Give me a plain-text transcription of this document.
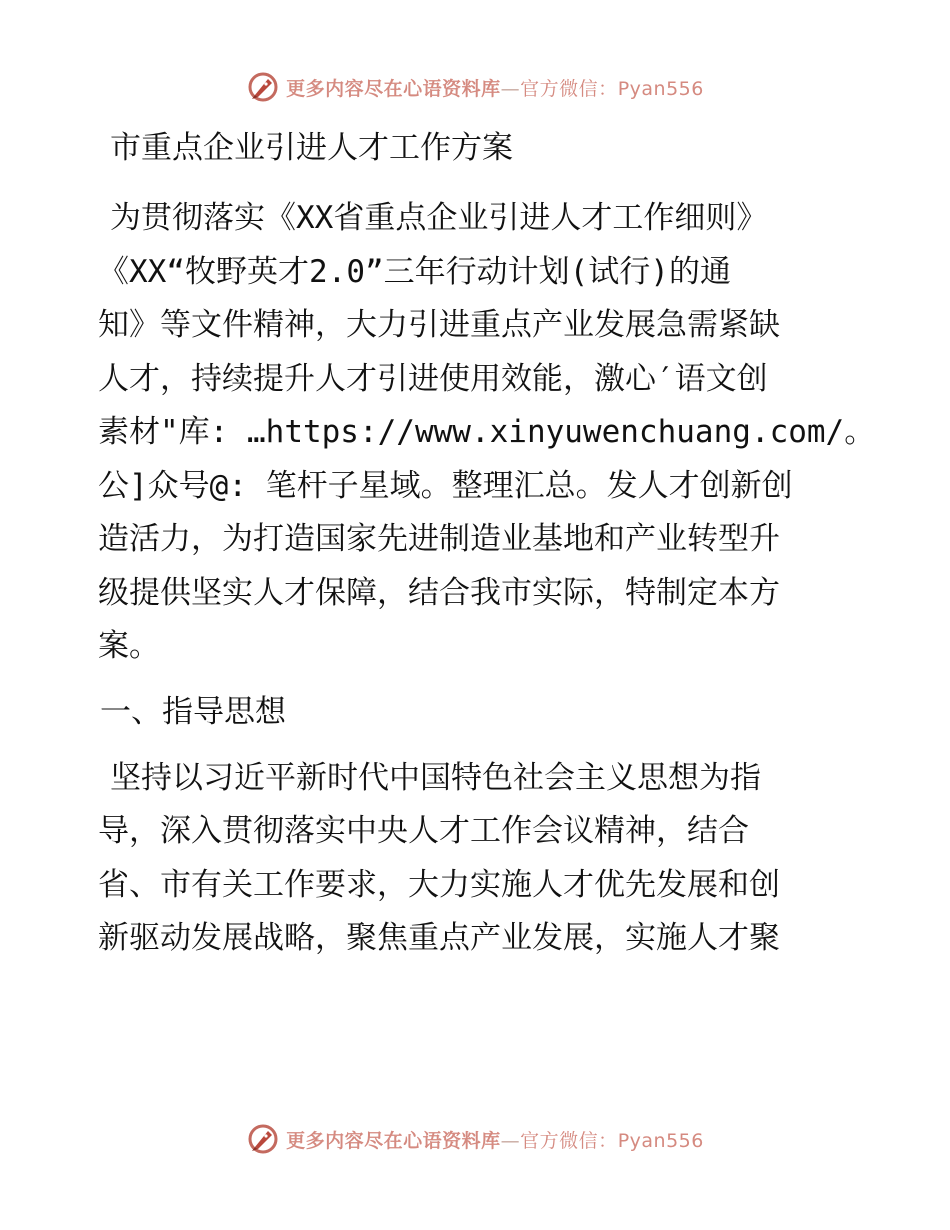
更多内容尽在心语资料库—官方微信：Pyan556
市重点企业引进人才工作方案
为贯彻落实《XX省重点企业引进人才工作细则》
《XX“牧野英才2.0”三年行动计划(试行)的通
知》等文件精神，大力引进重点产业发展急需紧缺
人才，持续提升人才引进使用效能，激心′语文创
素材"库: …https://www.xinyuwenchuang.com/。
公]众号@: 笔杆子星域。整理汇总。发人才创新创
造活力，为打造国家先进制造业基地和产业转型升
级提供坚实人才保障，结合我市实际，特制定本方
案。
一、指导思想
坚持以习近平新时代中国特色社会主义思想为指
导，深入贯彻落实中央人才工作会议精神，结合
省、市有关工作要求，大力实施人才优先发展和创
新驱动发展战略，聚焦重点产业发展，实施人才聚
更多内容尽在心语资料库—官方微信：Pyan556
